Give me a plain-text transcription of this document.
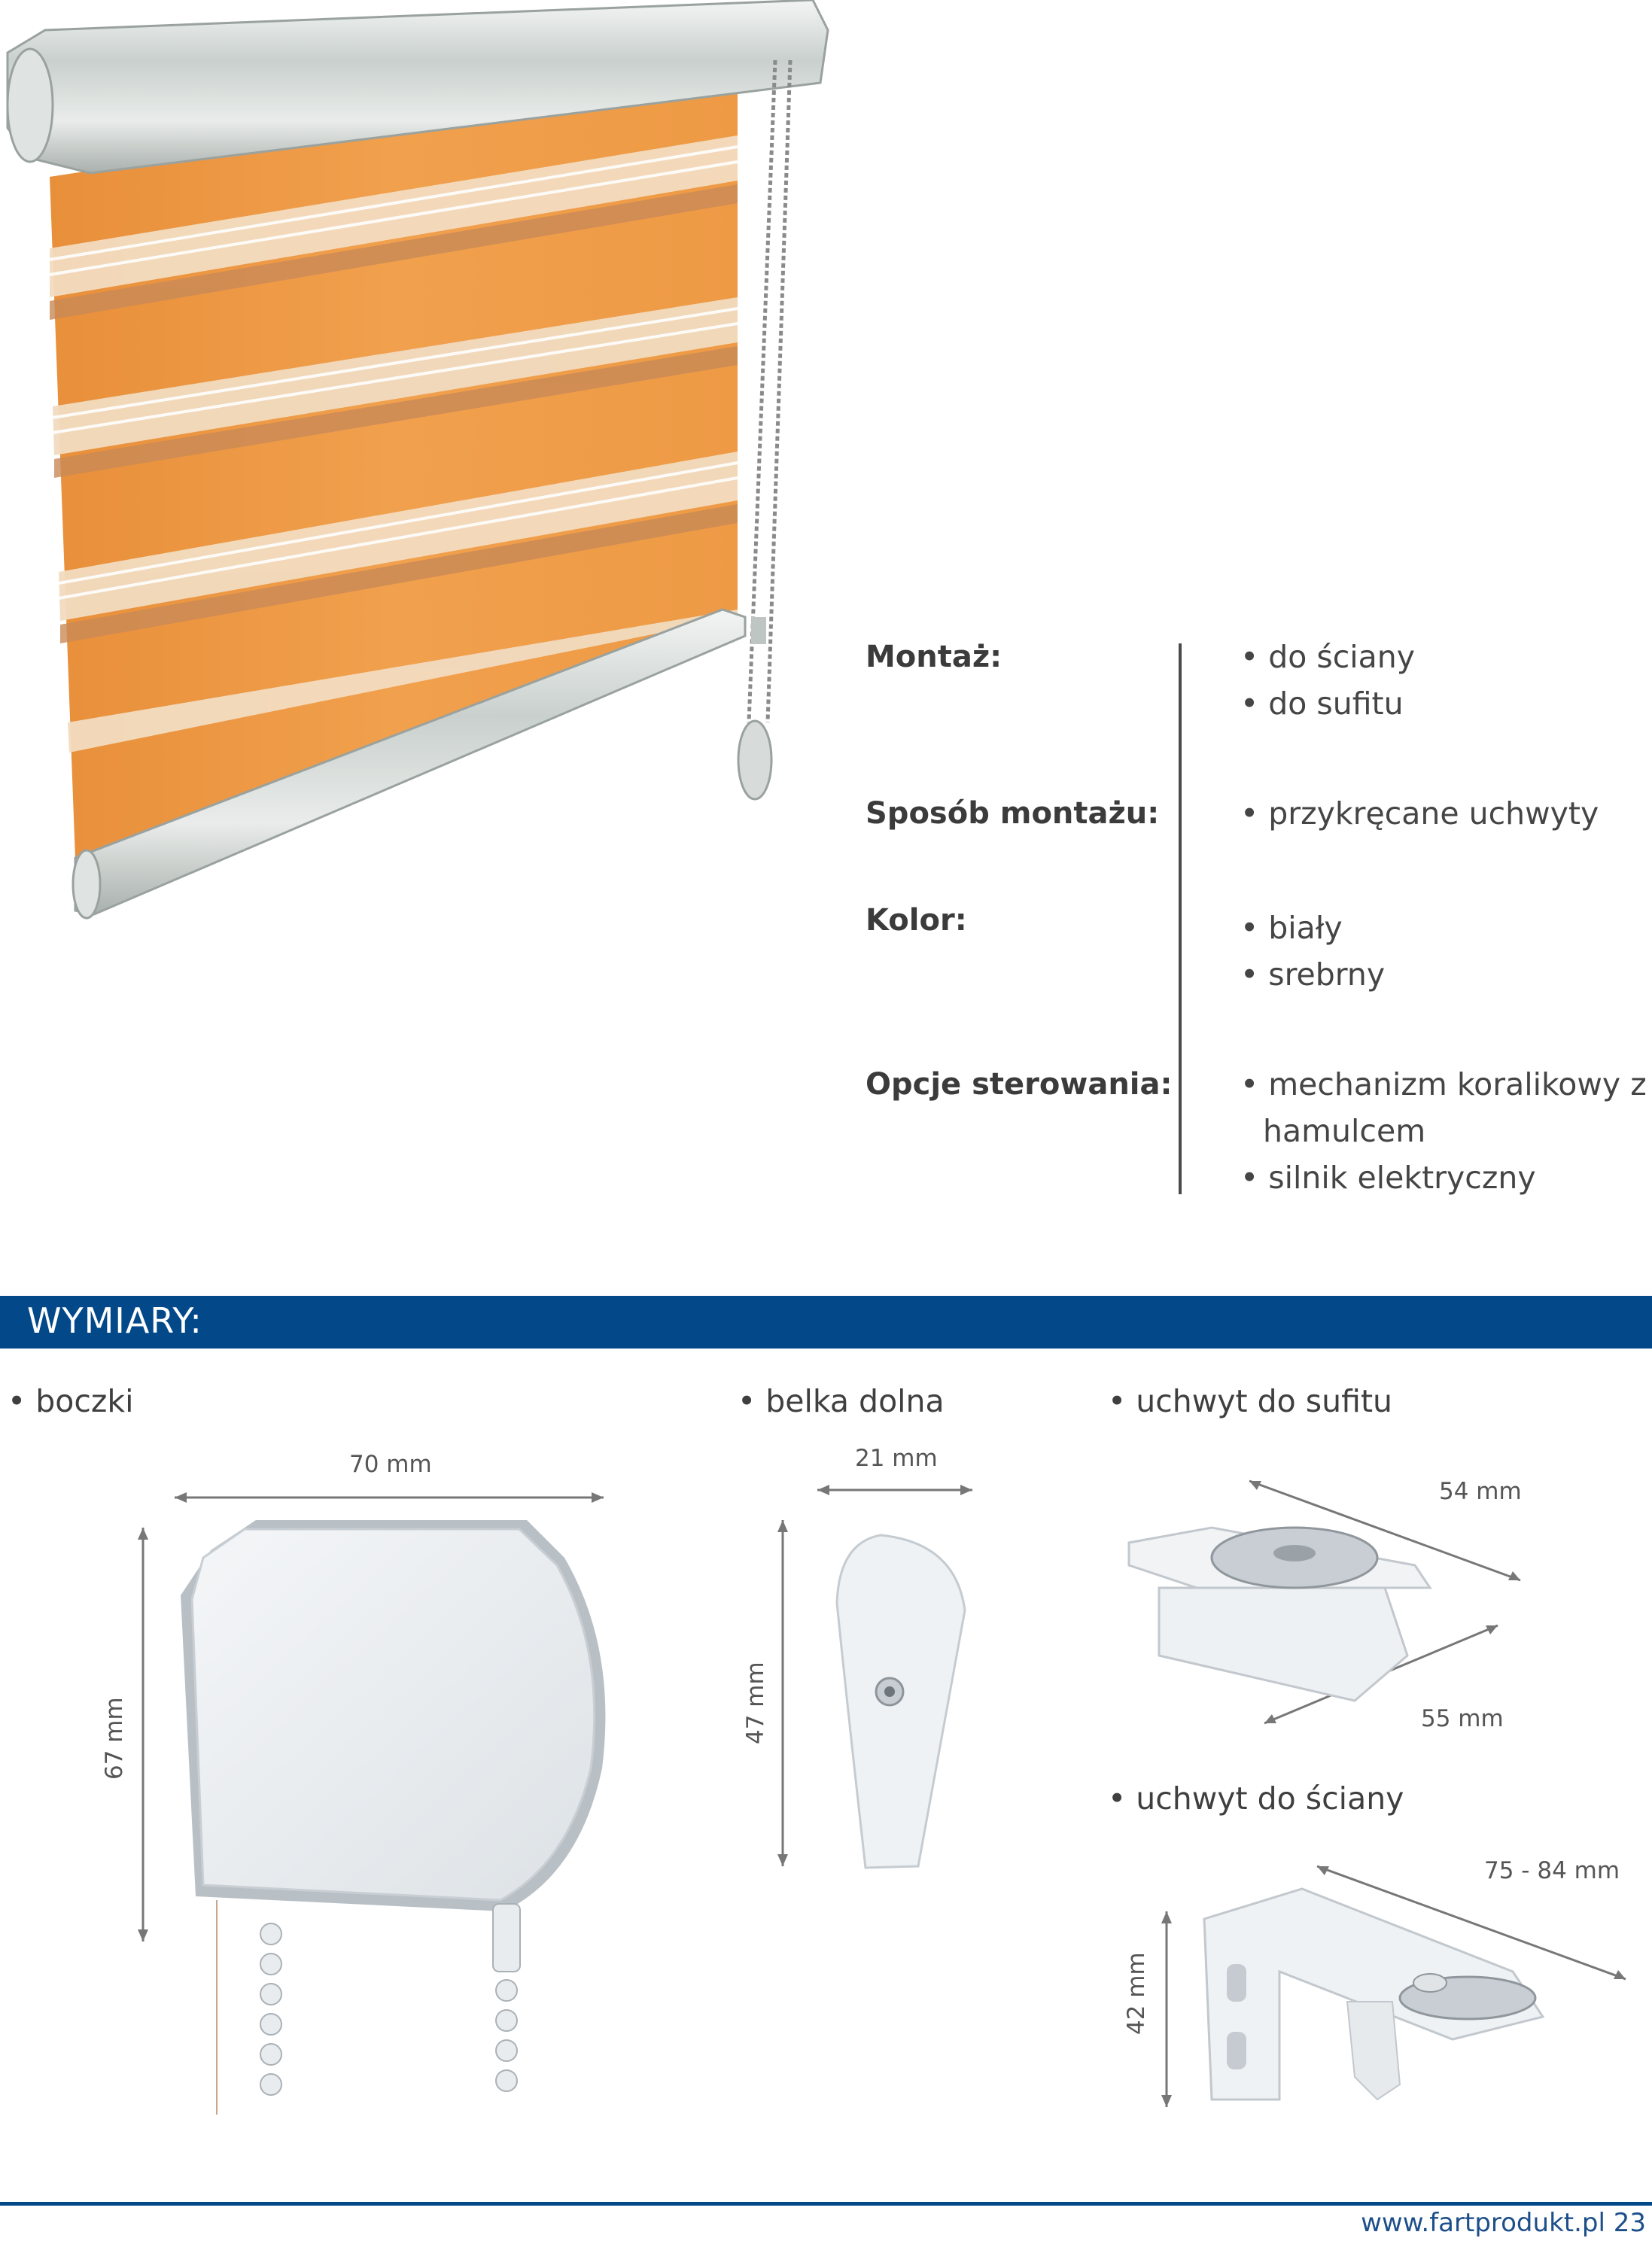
Montaż:	• do ściany
• do sufitu
Sposób montażu:	• przykręcane uchwyty
Kolor:	• biały
• srebrny
Opcje sterowania: • mechanizm koralikowy z
hamulcem
• silnik elektryczny
WYMIARY:
• boczki
70 mm
67 mm
• belka dolna
21 mm
47 mm
• uchwyt do sufitu
54 mm
55 mm
• uchwyt do ściany
75 - 84 mm
42 mm
www.fartprodukt.pl 23
